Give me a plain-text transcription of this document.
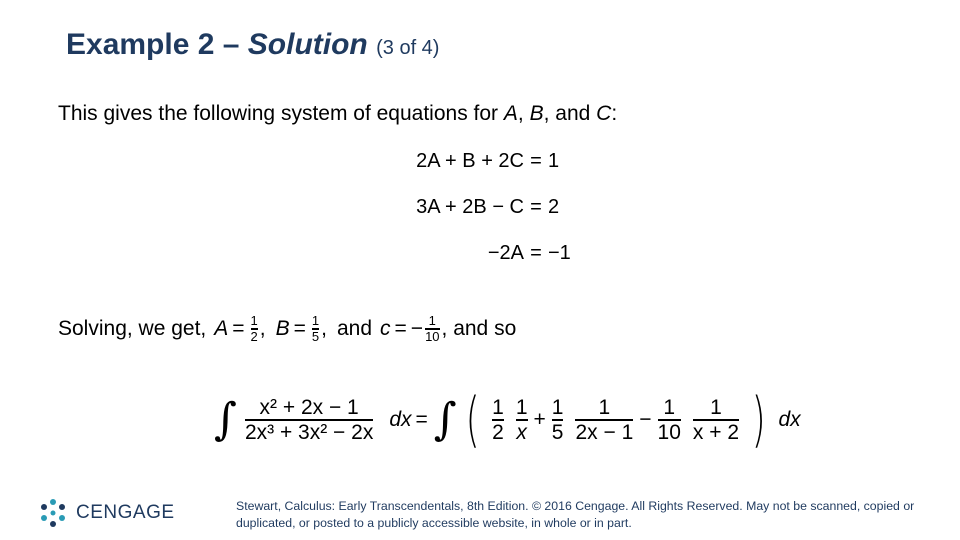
Example 2 – Solution (3 of 4)
This gives the following system of equations for A, B, and C:
2A + B + 2C = 1
3A + 2B − C = 2
−2A = −1
Solving, we get, $A = \frac{1}{2}$ , $B = \frac{1}{5}$ , and c = − $\frac{1}{10}$ , and so
∫ $\frac{\text{x² + 2x − 1}}{\text{2x³ + 3x² − 2x}}$ dx = ∫ ( $\frac{1}{2} \frac{1}{x} + \frac{1}{5} \frac{1}{2x - 1} - \frac{1}{10} \frac{1}{x + 2}$ ) dx
CENGAGE	Stewart, Calculus: Early Transcendentals, 8th Edition. © 2016 Cengage. All Rights Reserved. May not be scanned, copied or duplicated, or posted to a publicly accessible website, in whole or in part.
